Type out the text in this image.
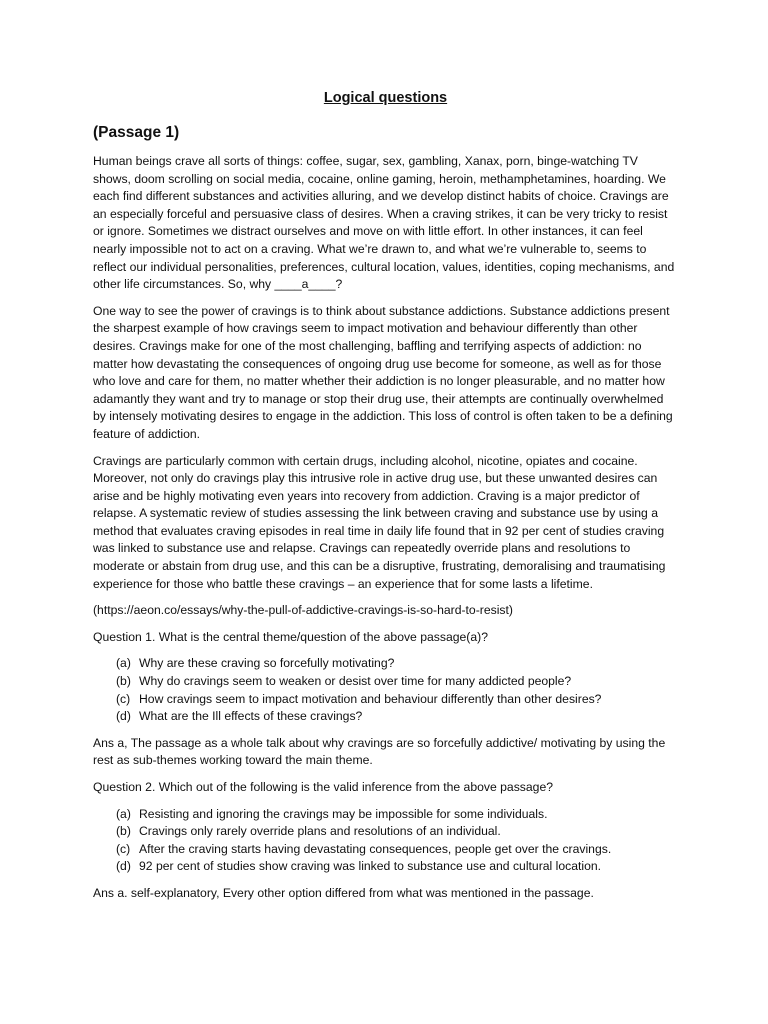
Logical questions
(Passage 1)

Human beings crave all sorts of things: coffee, sugar, sex, gambling, Xanax, porn, binge-watching TV shows, doom scrolling on social media, cocaine, online gaming, heroin, methamphetamines, hoarding. We each find different substances and activities alluring, and we develop distinct habits of choice. Cravings are an especially forceful and persuasive class of desires. When a craving strikes, it can be very tricky to resist or ignore. Sometimes we distract ourselves and move on with little effort. In other instances, it can feel nearly impossible not to act on a craving. What we’re drawn to, and what we’re vulnerable to, seems to reflect our individual personalities, preferences, cultural location, values, identities, coping mechanisms, and other life circumstances. So, why ____a____?

One way to see the power of cravings is to think about substance addictions. Substance addictions present the sharpest example of how cravings seem to impact motivation and behaviour differently than other desires. Cravings make for one of the most challenging, baffling and terrifying aspects of addiction: no matter how devastating the consequences of ongoing drug use become for someone, as well as for those who love and care for them, no matter whether their addiction is no longer pleasurable, and no matter how adamantly they want and try to manage or stop their drug use, their attempts are continually overwhelmed by intensely motivating desires to engage in the addiction. This loss of control is often taken to be a defining feature of addiction.

Cravings are particularly common with certain drugs, including alcohol, nicotine, opiates and cocaine. Moreover, not only do cravings play this intrusive role in active drug use, but these unwanted desires can arise and be highly motivating even years into recovery from addiction. Craving is a major predictor of relapse. A systematic review of studies assessing the link between craving and substance use by using a method that evaluates craving episodes in real time in daily life found that in 92 per cent of studies craving was linked to substance use and relapse. Cravings can repeatedly override plans and resolutions to moderate or abstain from drug use, and this can be a disruptive, frustrating, demoralising and traumatising experience for those who battle these cravings – an experience that for some lasts a lifetime.

(https://aeon.co/essays/why-the-pull-of-addictive-cravings-is-so-hard-to-resist)

Question 1. What is the central theme/question of the above passage(a)?
(a) Why are these craving so forcefully motivating?
(b) Why do cravings seem to weaken or desist over time for many addicted people?
(c) How cravings seem to impact motivation and behaviour differently than other desires?
(d) What are the Ill effects of these cravings?
Ans a, The passage as a whole talk about why cravings are so forcefully addictive/ motivating by using the rest as sub-themes working toward the main theme.
Question 2. Which out of the following is the valid inference from the above passage?
(a) Resisting and ignoring the cravings may be impossible for some individuals.
(b) Cravings only rarely override plans and resolutions of an individual.
(c) After the craving starts having devastating consequences, people get over the cravings.
(d) 92 per cent of studies show craving was linked to substance use and cultural location.
Ans a. self-explanatory, Every other option differed from what was mentioned in the passage.
